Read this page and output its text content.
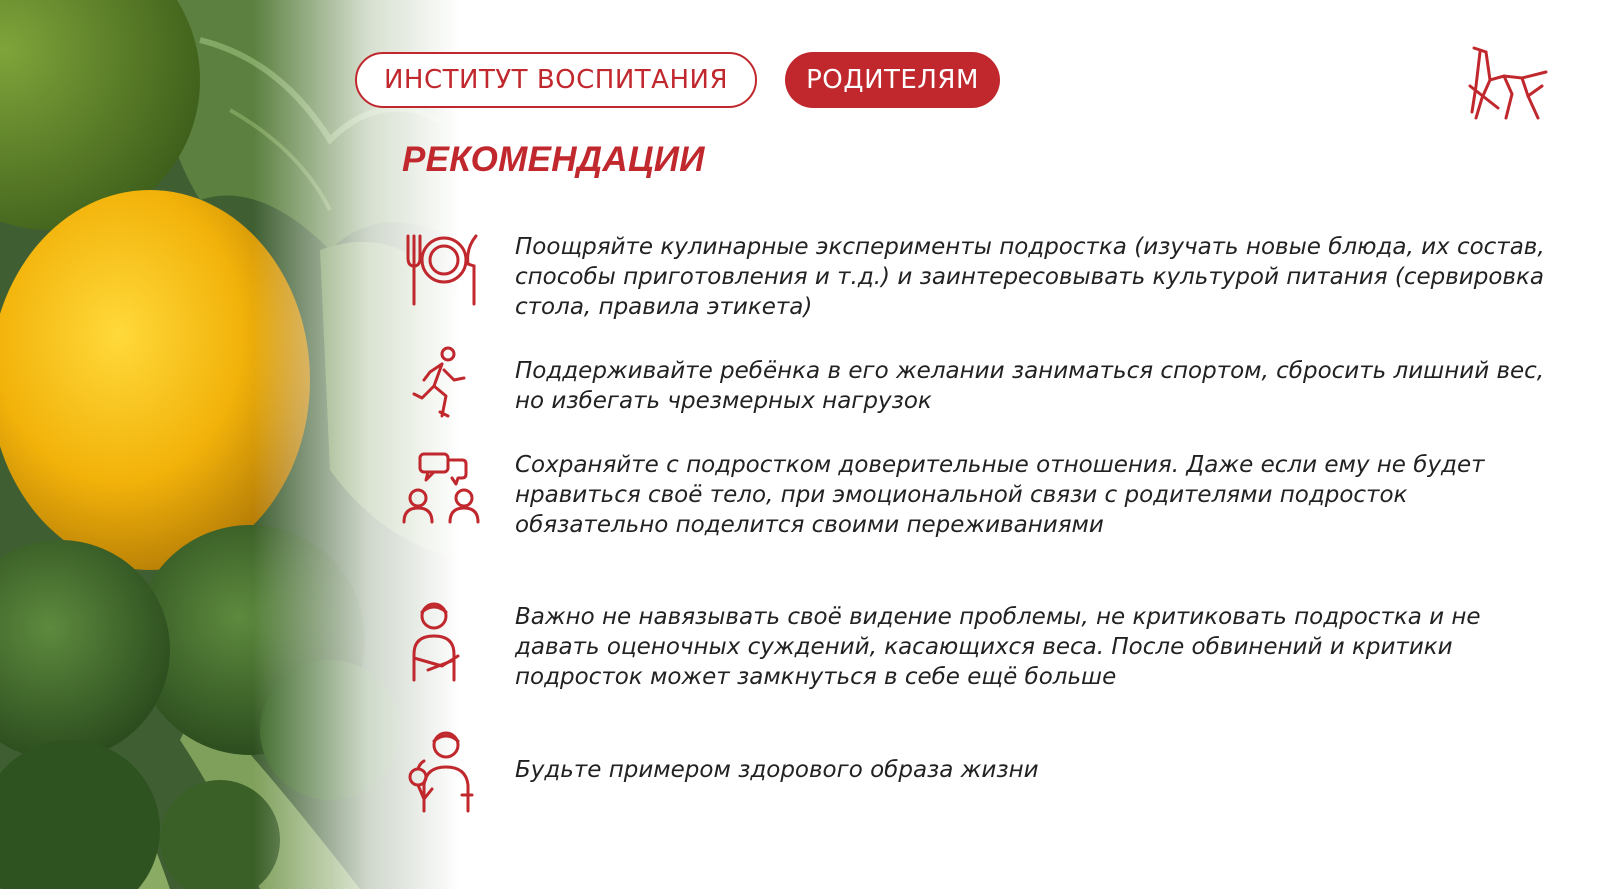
ИНСТИТУТ ВОСПИТАНИЯ	РОДИТЕЛЯМ
РЕКОМЕНДАЦИИ

Поощряйте кулинарные эксперименты подростка (изучать новые блюда, их состав, способы приготовления и т.д.) и заинтересовывать культурой питания (сервировка стола, правила этикета)

Поддерживайте ребёнка в его желании заниматься спортом, сбросить лишний вес, но избегать чрезмерных нагрузок

Сохраняйте с подростком доверительные отношения. Даже если ему не будет нравиться своё тело, при эмоциональной связи с родителями подросток обязательно поделится своими переживаниями

Важно не навязывать своё видение проблемы, не критиковать подростка и не давать оценочных суждений, касающихся веса. После обвинений и критики подросток может замкнуться в себе ещё больше

Будьте примером здорового образа жизни
